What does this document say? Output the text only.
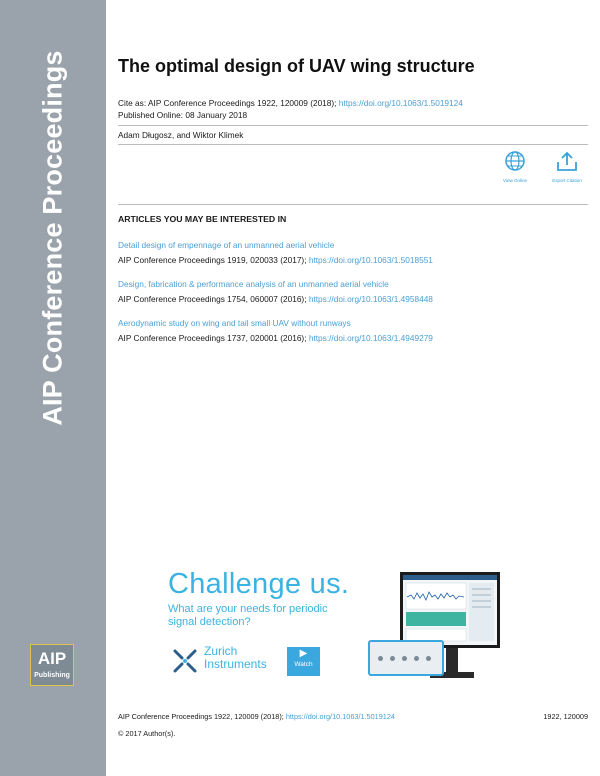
AIP Conference Proceedings
AIP
Publishing
The optimal design of UAV wing structure
Cite as: AIP Conference Proceedings 1922, 120009 (2018); https://doi.org/10.1063/1.5019124
Published Online: 08 January 2018
Adam Długosz, and Wiktor Klimek
View Online	Export Citation
ARTICLES YOU MAY BE INTERESTED IN
Detail design of empennage of an unmanned aerial vehicle
AIP Conference Proceedings 1919, 020033 (2017); https://doi.org/10.1063/1.5018551
Design, fabrication & performance analysis of an unmanned aerial vehicle
AIP Conference Proceedings 1754, 060007 (2016); https://doi.org/10.1063/1.4958448
Aerodynamic study on wing and tail small UAV without runways
AIP Conference Proceedings 1737, 020001 (2016); https://doi.org/10.1063/1.4949279
Challenge us.
What are your needs for periodic
signal detection?
Zurich
Instruments
▶
Watch
AIP Conference Proceedings 1922, 120009 (2018); https://doi.org/10.1063/1.5019124	1922, 120009
© 2017 Author(s).
